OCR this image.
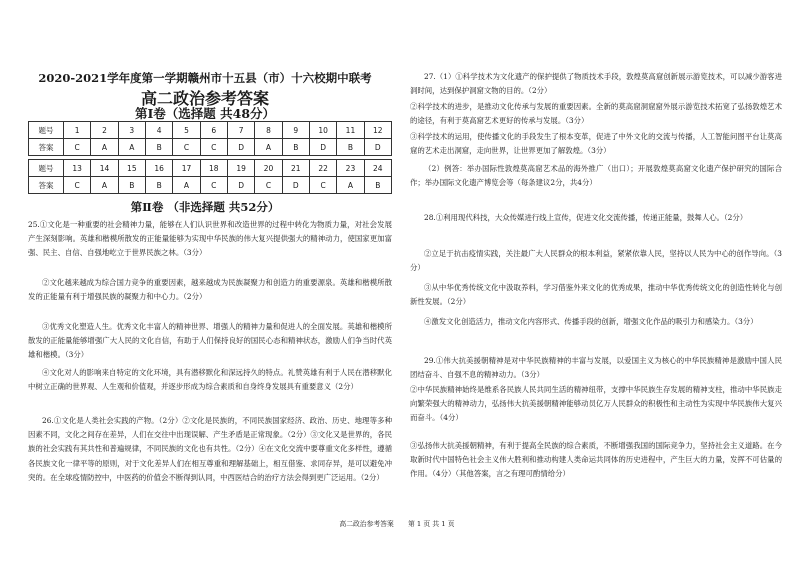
2020-2021学年度第一学期赣州市十五县（市）十六校期中联考
高二政治参考答案
第Ⅰ卷（选择题 共48分）
题号	1	2	3	4	5	6	7	8	9	10	11	12
答案	C	A	A	B	C	C	D	A	B	D	B	D

题号	13	14	15	16	17	18	19	20	21	22	23	24
答案	C	A	B	B	A	C	D	C	D	C	A	B
第Ⅱ卷 （非选择题 共52分）

25.①文化是一种重要的社会精神力量，能够在人们认识世界和改造世界的过程中转化为物质力量，对社会发展产生深刻影响。英雄和楷模所散发的正能量能够为实现中华民族的伟大复兴提供强大的精神动力，使国家更加富强、民主、自信、自强地屹立于世界民族之林。（3分）

②文化越来越成为综合国力竞争的重要因素，越来越成为民族凝聚力和创造力的重要源泉。英雄和楷模所散发的正能量有利于增强民族的凝聚力和中心力。（2分）

③优秀文化塑造人生。优秀文化丰富人的精神世界、增强人的精神力量和促进人的全面发展。英雄和楷模所散发的正能量能够增强广大人民的文化自信，有助于人们保持良好的国民心态和精神状态，激励人们争当时代英雄和楷模。（3分）

④文化对人的影响来自特定的文化环境，具有潜移默化和深远持久的特点。礼赞英雄有利于人民在潜移默化中树立正确的世界观、人生观和价值观，并逐步形成为综合素质和自身终身发展具有重要意义（2分）

26.①文化是人类社会实践的产物。（2分）②文化是民族的，不同民族国家经济、政治、历史、地理等多种因素不同，文化之间存在差异，人们在交往中出现误解、产生矛盾是正常现象。（2分）③文化又是世界的，各民族的社会实践有其共性和普遍规律，不同民族的文化也有共性。（2分）④在文化交流中要尊重文化多样性，遵循各民族文化一律平等的原则，对于文化差异人们在相互尊重和理解基础上，相互借鉴、求同存异，是可以避免冲突的。在全球疫情防控中，中医药的价值会不断得到认同，中西医结合的治疗方法会得到更广泛运用。（2分）

27.（1）①科学技术为文化遗产的保护提供了物质技术手段，敦煌莫高窟创新展示游览技术，可以减少游客进洞时间，达到保护洞窟文物的目的。（2分）

②科学技术的进步，是推动文化传承与发展的重要因素。全新的莫高窟洞窟窟外展示游览技术拓宽了弘扬敦煌艺术的途径，有利于莫高窟艺术更好的传承与发展。（3分）

③科学技术的运用，使传播文化的手段发生了根本变革，促进了中外文化的交流与传播，人工智能问图平台让莫高窟的艺术走出洞窟，走向世界，让世界更加了解敦煌。（3分）

（2）例答：举办国际性敦煌莫高窟艺术品的海外推广（出口）；开展敦煌莫高窟文化遗产保护研究的国际合作；举办国际文化遗产博览会等（每条建议2分，共4分）

28.①利用现代科技，大众传媒进行线上宣传，促进文化交流传播，传递正能量，鼓舞人心。（2分）

②立足于抗击疫情实践，关注最广大人民群众的根本利益，紧紧依靠人民，坚持以人民为中心的创作导向。（3分）

③从中华优秀传统文化中汲取养料，学习借鉴外来文化的优秀成果，推动中华优秀传统文化的创造性转化与创新性发展。（2分）

④激发文化创造活力，推动文化内容形式、传播手段的创新，增强文化作品的吸引力和感染力。（3分）

29.①伟大抗美援朝精神是对中华民族精神的丰富与发展，以爱国主义为核心的中华民族精神是激励中国人民团结奋斗、自强不息的精神动力。（3分）

②中华民族精神始终是维系各民族人民共同生活的精神纽带，支撑中华民族生存发展的精神支柱，推动中华民族走向繁荣强大的精神动力，弘扬伟大抗美援朝精神能够动员亿万人民群众的积极性和主动性为实现中华民族伟大复兴而奋斗。（4分）

③弘扬伟大抗美援朝精神，有利于提高全民族的综合素质，不断增强我国的国际竞争力，坚持社会主义道路。在今取新时代中国特色社会主义伟大胜利和推动构建人类命运共同体的历史进程中，产生巨大的力量，发挥不可估量的作用。（4分）（其他答案，言之有理可酌情给分）

高二政治参考答案 第 1 页 共 1 页
